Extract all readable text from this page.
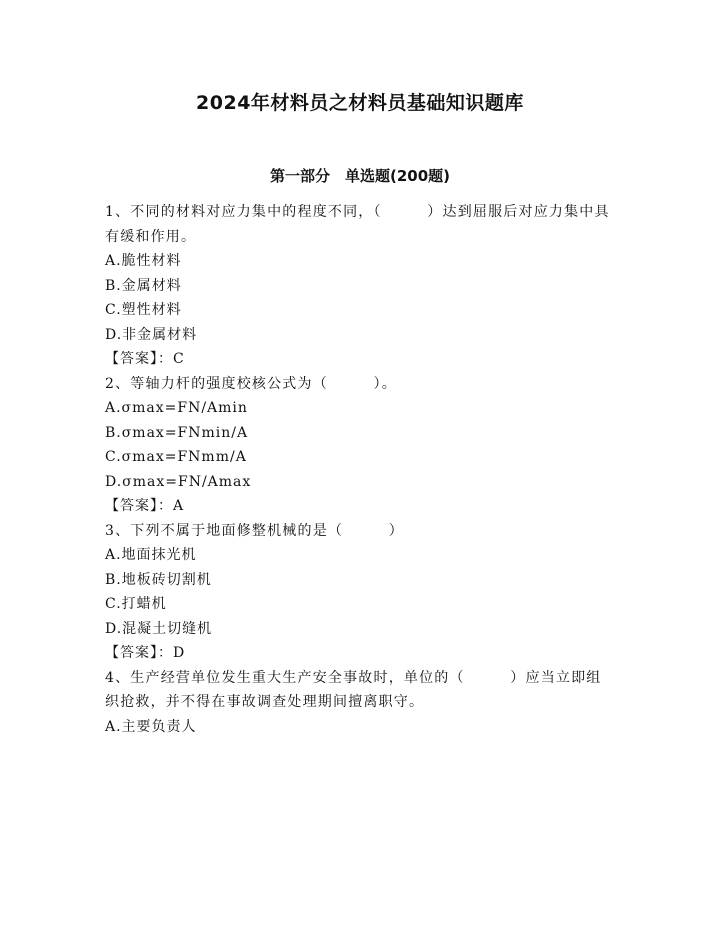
2024年材料员之材料员基础知识题库
第一部分　单选题(200题)

1、不同的材料对应力集中的程度不同，（　　　）达到屈服后对应力集中具有缓和作用。

A.脆性材料

B.金属材料

C.塑性材料

D.非金属材料

【答案】：C

2、等轴力杆的强度校核公式为（　　　）。

A.σmax=FN/Amin

B.σmax=FNmin/A

C.σmax=FNmm/A

D.σmax=FN/Amax

【答案】：A

3、下列不属于地面修整机械的是（　　　）

A.地面抹光机

B.地板砖切割机

C.打蜡机

D.混凝土切缝机

【答案】：D

4、生产经营单位发生重大生产安全事故时，单位的（　　　）应当立即组织抢救，并不得在事故调查处理期间擅离职守。

A.主要负责人
